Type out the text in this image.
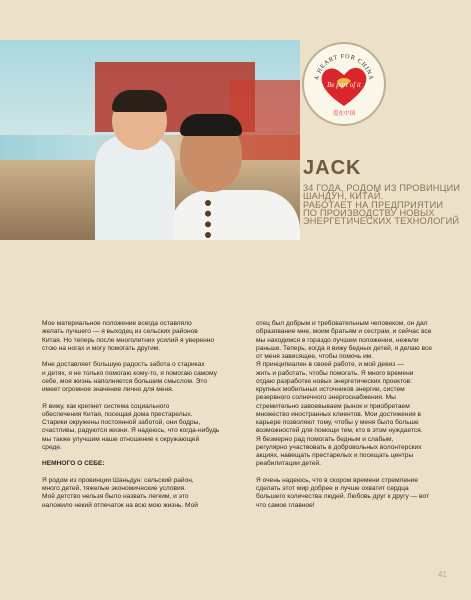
A HEART FOR CHINA
Be part of it
爱在中国
JACK
34 ГОДА, РОДОМ ИЗ ПРОВИНЦИИ
ШАНДУН, КИТАЙ.
РАБОТАЕТ НА ПРЕДПРИЯТИИ
ПО ПРОИЗВОДСТВУ НОВЫХ
ЭНЕРГЕТИЧЕСКИХ ТЕХНОЛОГИЙ
Мое материальное положение всегда оставляло
желать лучшего — я выходец из сельских районов
Китая. Но теперь после многолетних усилий я уверенно
стою на ногах и могу помогать другим.
Мне доставляет большую радость забота о стариках
и детях, я не только помогаю кому-то, я помогаю самому
себе, моя жизнь наполняется большим смыслом. Это
имеет огромное значение лично для меня.
Я вижу, как крепнет система социального
обеспечения Китая, посещая дома престарелых.
Старики окружены постоянной заботой, они бодры,
счастливы, радуются жизни. Я надеюсь, что когда-нибудь
мы также улучшим наше отношение к окружающей
среде.
НЕМНОГО О СЕБЕ:
Я родом из провинции Шаньдун: сельский район,
много детей, тяжелые экономические условия.
Моё детство нельзя было назвать легким, и это
наложило некий отпечаток на всю мою жизнь. Мой
отец был добрым и требовательным человеком, он дал
образование мне, моим братьям и сестрам, и сейчас все
мы находимся в гораздо лучшем положении, нежели
раньше. Теперь, когда я вижу бедных детей, я делаю все
от меня зависящее, чтобы помочь им.
Я принципиален в своей работе, и мой девиз —
жить и работать, чтобы помогать. Я много времени
отдаю разработке новых энергетических проектов:
крупных мобильных источников энергии, систем
резервного солнечного энергоснабжения. Мы
стремительно завоевываем рынок и приобретаем
множество иностранных клиентов. Мои достижения в
карьере позволяют тому, чтобы у меня было больше
возможностей для помощи тем, кто в этом нуждается.
Я безмерно рад помогать бедным и слабым,
регулярно участвовать в добровольных волонтерских
акциях, навещать престарелых и посещать центры
реабилитации детей.
Я очень надеюсь, что в скором времени стремление
сделать этот мир добрее и лучше охватит сердца
большего количества людей. Любовь друг к другу — вот
что самое главное!
41
